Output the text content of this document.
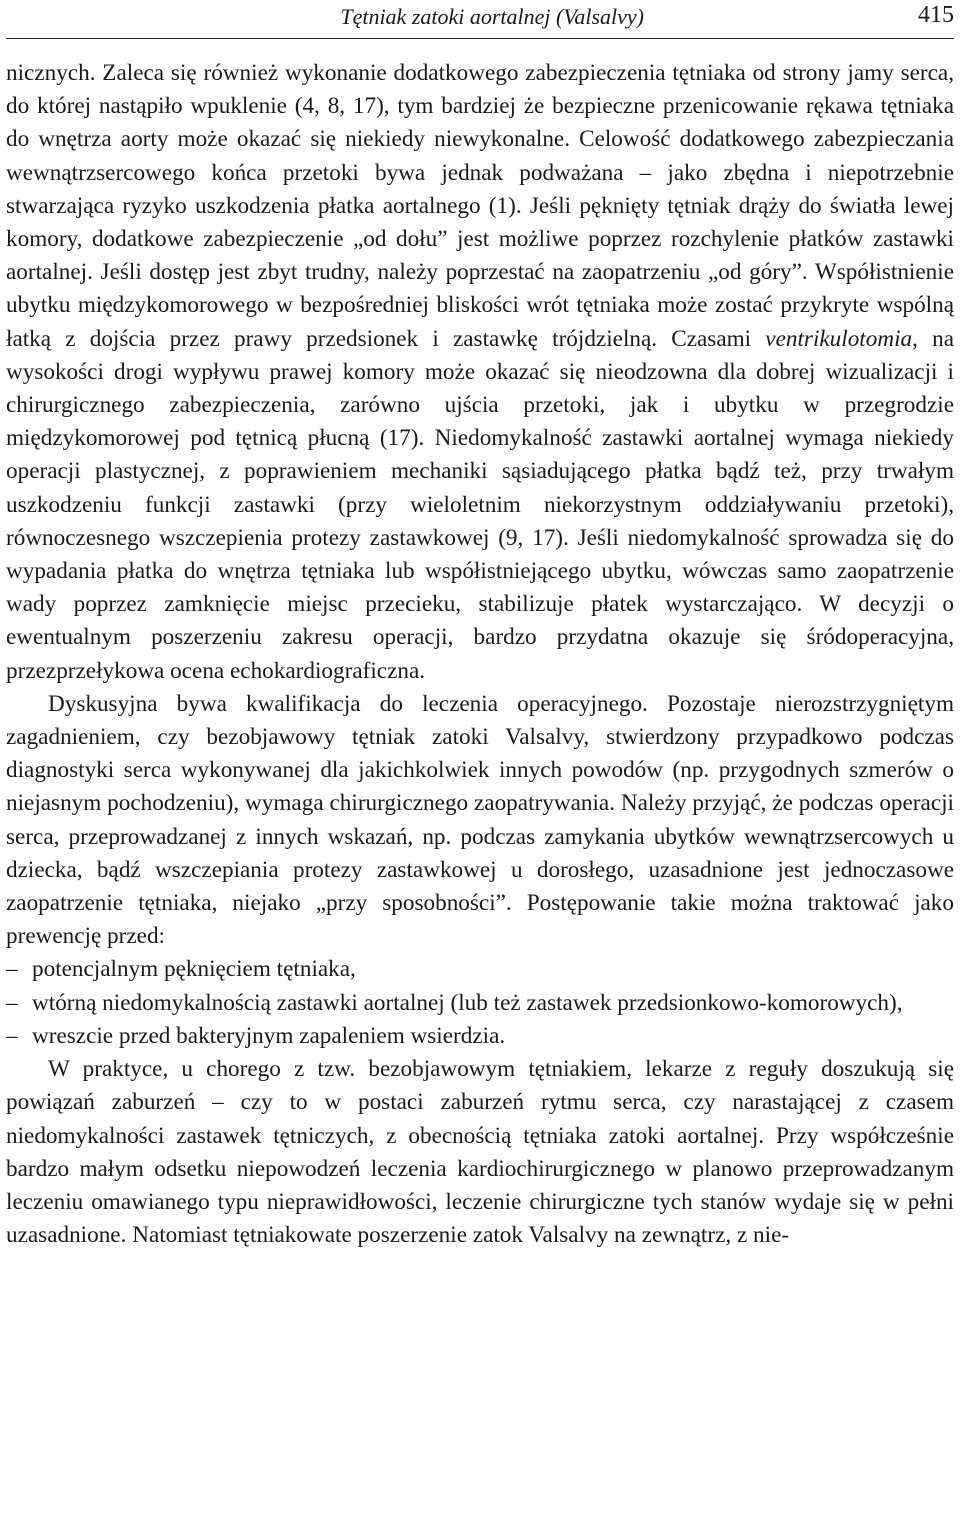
Tętniak zatoki aortalnej (Valsalvy)	415

nicznych. Zaleca się również wykonanie dodatkowego zabezpieczenia tętniaka od strony jamy serca, do której nastąpiło wpuklenie (4, 8, 17), tym bardziej że bezpieczne przenicowanie rękawa tętniaka do wnętrza aorty może okazać się niekiedy niewykonalne. Celowość dodatkowego zabezpieczania wewnątrzsercowego końca przetoki bywa jednak podważana – jako zbędna i niepotrzebnie stwarzająca ryzyko uszkodzenia płatka aortalnego (1). Jeśli pęknięty tętniak drąży do światła lewej komory, dodatkowe zabezpieczenie „od dołu” jest możliwe poprzez rozchylenie płatków zastawki aortalnej. Jeśli dostęp jest zbyt trudny, należy poprzestać na zaopatrzeniu „od góry”. Współistnienie ubytku międzykomorowego w bezpośredniej bliskości wrót tętniaka może zostać przykryte wspólną łatką z dojścia przez prawy przedsionek i zastawkę trójdzielną. Czasami ventrikulotomia, na wysokości drogi wypływu prawej komory może okazać się nieodzowna dla dobrej wizualizacji i chirurgicznego zabezpieczenia, zarówno ujścia przetoki, jak i ubytku w przegrodzie międzykomorowej pod tętnicą płucną (17). Niedomykalność zastawki aortalnej wymaga niekiedy operacji plastycznej, z poprawieniem mechaniki sąsiadującego płatka bądź też, przy trwałym uszkodzeniu funkcji zastawki (przy wieloletnim niekorzystnym oddziaływaniu przetoki), równoczesnego wszczepienia protezy zastawkowej (9, 17). Jeśli niedomykalność sprowadza się do wypadania płatka do wnętrza tętniaka lub współistniejącego ubytku, wówczas samo zaopatrzenie wady poprzez zamknięcie miejsc przecieku, stabilizuje płatek wystarczająco. W decyzji o ewentualnym poszerzeniu zakresu operacji, bardzo przydatna okazuje się śródoperacyjna, przezprzełykowa ocena echokardiograficzna.

Dyskusyjna bywa kwalifikacja do leczenia operacyjnego. Pozostaje nierozstrzygniętym zagadnieniem, czy bezobjawowy tętniak zatoki Valsalvy, stwierdzony przypadkowo podczas diagnostyki serca wykonywanej dla jakichkolwiek innych powodów (np. przygodnych szmerów o niejasnym pochodzeniu), wymaga chirurgicznego zaopatrywania. Należy przyjąć, że podczas operacji serca, przeprowadzanej z innych wskazań, np. podczas zamykania ubytków wewnątrzsercowych u dziecka, bądź wszczepiania protezy zastawkowej u dorosłego, uzasadnione jest jednoczasowe zaopatrzenie tętniaka, niejako „przy sposobności”. Postępowanie takie można traktować jako prewencję przed:

– potencjalnym pęknięciem tętniaka,
– wtórną niedomykalnością zastawki aortalnej (lub też zastawek przedsionkowo-komorowych),
– wreszcie przed bakteryjnym zapaleniem wsierdzia.

W praktyce, u chorego z tzw. bezobjawowym tętniakiem, lekarze z reguły doszukują się powiązań zaburzeń – czy to w postaci zaburzeń rytmu serca, czy narastającej z czasem niedomykalności zastawek tętniczych, z obecnością tętniaka zatoki aortalnej. Przy współcześnie bardzo małym odsetku niepowodzeń leczenia kardiochirurgicznego w planowo przeprowadzanym leczeniu omawianego typu nieprawidłowości, leczenie chirurgiczne tych stanów wydaje się w pełni uzasadnione. Natomiast tętniakowate poszerzenie zatok Valsalvy na zewnątrz, z nie-
